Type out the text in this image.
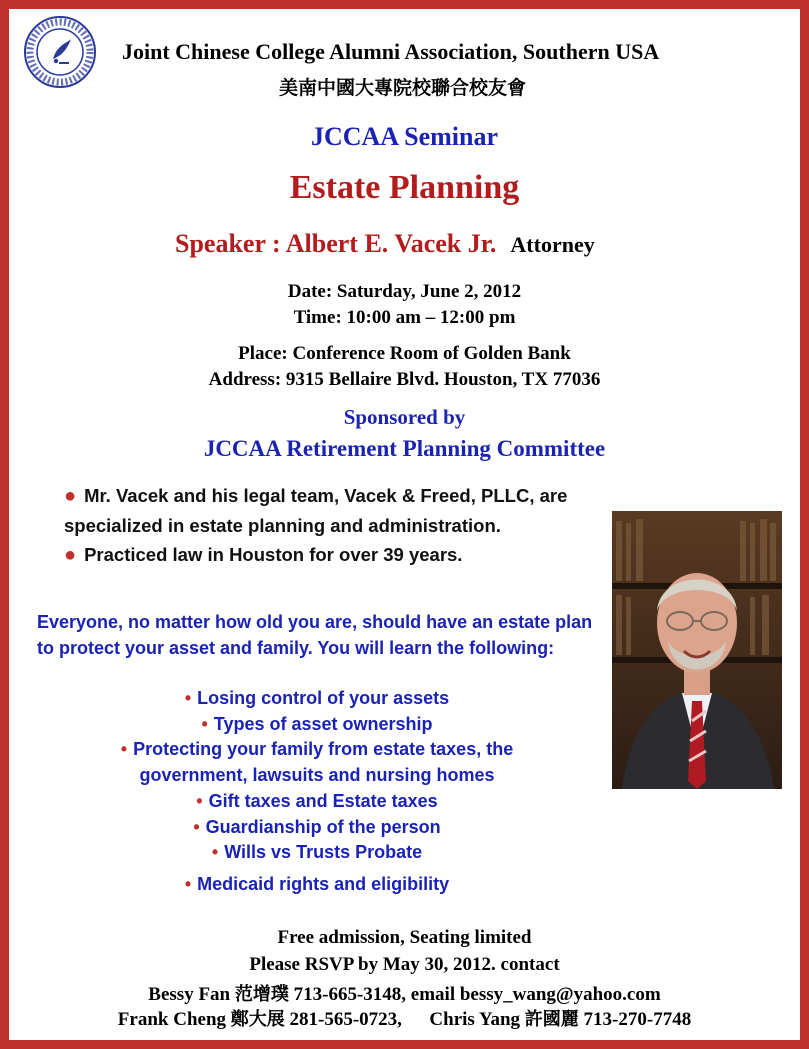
Joint Chinese College Alumni Association, Southern USA
美南中國大專院校聯合校友會
JCCAA Seminar
Estate Planning
Speaker : Albert E. Vacek Jr. Attorney
Date: Saturday, June 2, 2012
Time: 10:00 am – 12:00 pm
Place: Conference Room of Golden Bank
Address: 9315 Bellaire Blvd. Houston, TX 77036
Sponsored by
JCCAA Retirement Planning Committee
● Mr. Vacek and his legal team, Vacek & Freed, PLLC, are specialized in estate planning and administration.
● Practiced law in Houston for over 39 years.
Everyone, no matter how old you are, should have an estate plan to protect your asset and family. You will learn the following:
• Losing control of your assets
• Types of asset ownership
• Protecting your family from estate taxes, the
government, lawsuits and nursing homes
• Gift taxes and Estate taxes
• Guardianship of the person
• Wills vs Trusts Probate
• Medicaid rights and eligibility
Free admission, Seating limited
Please RSVP by May 30, 2012. contact
Bessy Fan 范增璞 713-665-3148, email bessy_wang@yahoo.com
Frank Cheng 鄭大展 281-565-0723, Chris Yang 許國麗 713-270-7748
